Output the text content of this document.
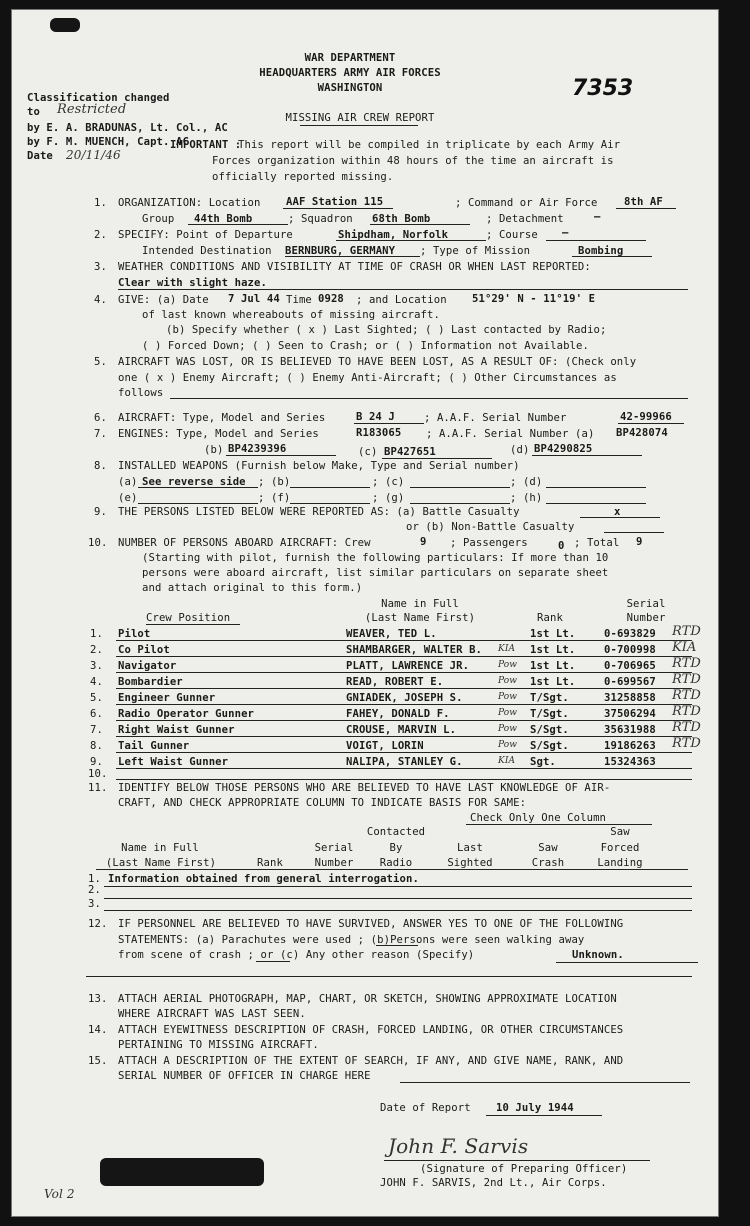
7353
WAR DEPARTMENT
HEADQUARTERS ARMY AIR FORCES
WASHINGTON
Classification changed
to Restricted
by E. A. BRADUNAS, Lt. Col., AC
by F. M. MUENCH, Capt. AC
Date 20/11/46
MISSING AIR CREW REPORT
IMPORTANT :
This report will be compiled in triplicate by each Army Air
Forces organization within 48 hours of the time an aircraft is
officially reported missing.
1. ORGANIZATION: Location AAF Station 115	; Command or Air Force 8th AF
Group 44th Bomb	; Squadron 68th Bomb	; Detachment	—
2. SPECIFY: Point of Departure	Shipdham, Norfolk	; Course —
Intended Destination BERNBURG, GERMANY ; Type of Mission	Bombing
3. WEATHER CONDITIONS AND VISIBILITY AT TIME OF CRASH OR WHEN LAST REPORTED:
Clear with slight haze.
4. GIVE: (a) Date 7 Jul 44 Time 0928 ; and Location 51°29' N - 11°19' E
of last known whereabouts of missing aircraft.
(b) Specify whether ( x ) Last Sighted; ( ) Last contacted by Radio;
( ) Forced Down; ( ) Seen to Crash; or ( ) Information not Available.
5. AIRCRAFT WAS LOST, OR IS BELIEVED TO HAVE BEEN LOST, AS A RESULT OF: (Check only
one ( x ) Enemy Aircraft; ( ) Enemy Anti-Aircraft; ( ) Other Circumstances as
follows
6. AIRCRAFT: Type, Model and Series	B 24 J	; A.A.F. Serial Number	42-99966
7. ENGINES: Type, Model and Series	R183065 ; A.A.F. Serial Number (a) BP428074
(b) BP4239396	(c) BP427651	(d) BP4290825
8. INSTALLED WEAPONS (Furnish below Make, Type and Serial number)
(a) See reverse side ; (b)	; (c)	; (d)
(e)	; (f)	; (g)	; (h)
9. THE PERSONS LISTED BELOW WERE REPORTED AS: (a) Battle Casualty	x
or (b) Non-Battle Casualty
10. NUMBER OF PERSONS ABOARD AIRCRAFT: Crew	9 ; Passengers	0 ; Total 9
(Starting with pilot, furnish the following particulars: If more than 10
persons were aboard aircraft, list similar particulars on separate sheet
and attach original to this form.)
Name in Full
Crew Position	(Last Name First)	Rank
Serial
Number
1. Pilot	WEAVER, TED L.	1st Lt.	0-693829 RTD
2. Co Pilot	SHAMBARGER, WALTER B. KIA 1st Lt.	0-700998 KIA
3. Navigator	PLATT, LAWRENCE JR.	Pow 1st Lt.	0-706965 RTD
4. Bombardier	READ, ROBERT E.	Pow 1st Lt.	0-699567 RTD
5. Engineer Gunner	GNIADEK, JOSEPH S.	Pow T/Sgt.	31258858 RTD
6. Radio Operator Gunner	FAHEY, DONALD F.	Pow T/Sgt.	37506294 RTD
7. Right Waist Gunner	CROUSE, MARVIN L.	Pow S/Sgt.	35631988 RTD
8. Tail Gunner	VOIGT, LORIN	Pow S/Sgt.	19186263 RTD
9. Left Waist Gunner	NALIPA, STANLEY G.	KIA Sgt.	15324363
10.
11. IDENTIFY BELOW THOSE PERSONS WHO ARE BELIEVED TO HAVE LAST KNOWLEDGE OF AIR-
CRAFT, AND CHECK APPROPRIATE COLUMN TO INDICATE BASIS FOR SAME:
Check Only One Column
Contacted	Saw
Name in Full	Serial	By	Last	Saw	Forced
(Last Name First)	Rank	Number	Radio	Sighted	Crash	Landing
1. Information obtained from general interrogation.
2.
3.
12. IF PERSONNEL ARE BELIEVED TO HAVE SURVIVED, ANSWER YES TO ONE OF THE FOLLOWING
STATEMENTS: (a) Parachutes were used ; (b)Persons were seen walking away
from scene of crash ; or (c) Any other reason (Specify)	Unknown.
13. ATTACH AERIAL PHOTOGRAPH, MAP, CHART, OR SKETCH, SHOWING APPROXIMATE LOCATION
WHERE AIRCRAFT WAS LAST SEEN.
14. ATTACH EYEWITNESS DESCRIPTION OF CRASH, FORCED LANDING, OR OTHER CIRCUMSTANCES
PERTAINING TO MISSING AIRCRAFT.
15. ATTACH A DESCRIPTION OF THE EXTENT OF SEARCH, IF ANY, AND GIVE NAME, RANK, AND
SERIAL NUMBER OF OFFICER IN CHARGE HERE
Date of Report 10 July 1944
John F. Sarvis
(Signature of Preparing Officer)
JOHN F. SARVIS, 2nd Lt., Air Corps.
Vol 2
